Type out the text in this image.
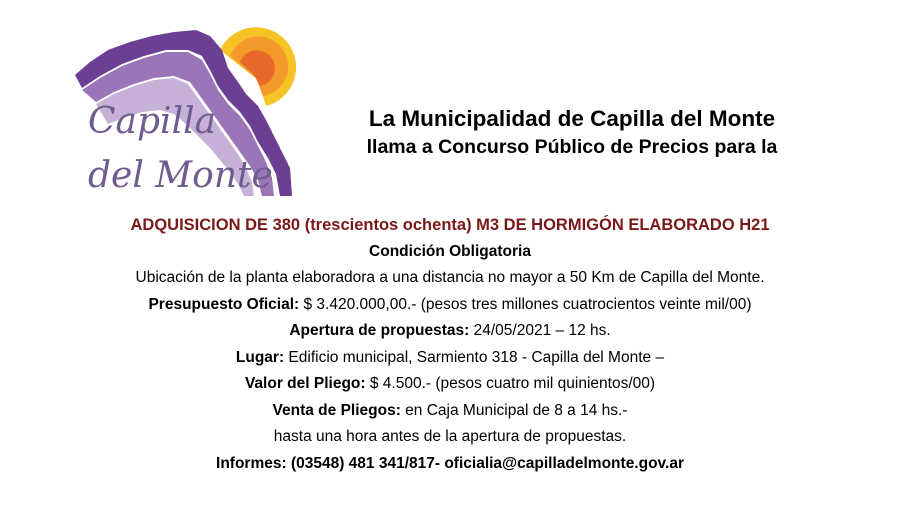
Capilla
del Monte
La Municipalidad de Capilla del Monte
llama a Concurso Público de Precios para la
ADQUISICION DE 380 (trescientos ochenta) M3 DE HORMIGÓN ELABORADO H21
Condición Obligatoria
Ubicación de la planta elaboradora a una distancia no mayor a 50 Km de Capilla del Monte.
Presupuesto Oficial: $ 3.420.000,00.- (pesos tres millones cuatrocientos veinte mil/00)
Apertura de propuestas: 24/05/2021 – 12 hs.
Lugar: Edificio municipal, Sarmiento 318 - Capilla del Monte –
Valor del Pliego: $ 4.500.- (pesos cuatro mil quinientos/00)
Venta de Pliegos: en Caja Municipal de 8 a 14 hs.-
hasta una hora antes de la apertura de propuestas.
Informes: (03548) 481 341/817- oficialia@capilladelmonte.gov.ar
